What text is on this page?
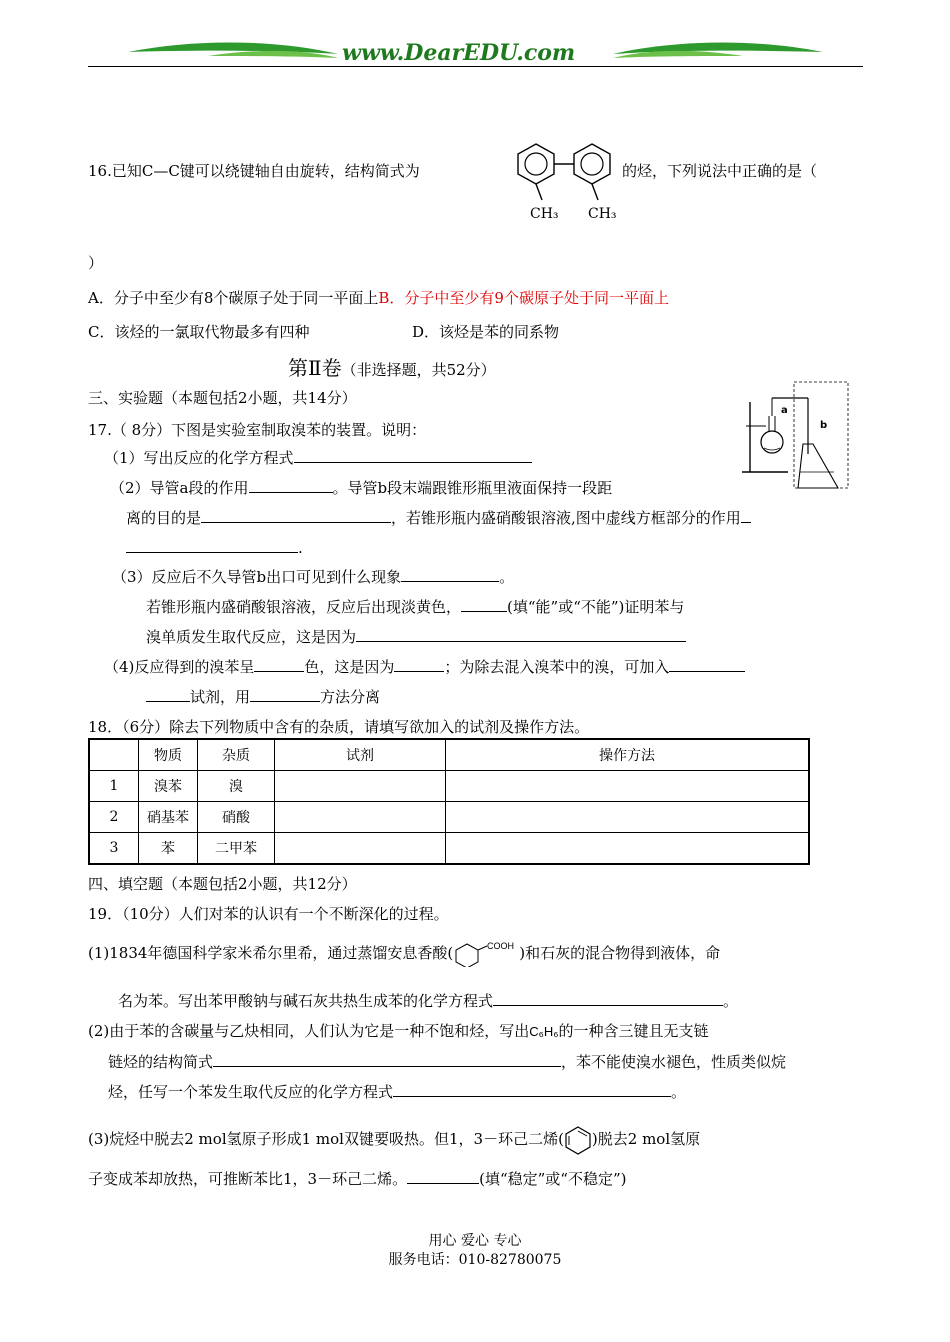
www.DearEDU.com
16.已知C—C键可以绕键轴自由旋转，结构简式为
CH₃ CH₃
的烃，下列说法中正确的是（
）
A．分子中至少有8个碳原子处于同一平面上B．分子中至少有9个碳原子处于同一平面上
C．该烃的一氯取代物最多有四种	D．该烃是苯的同系物
第Ⅱ卷（非选择题，共52分）
三、实验题（本题包括2小题，共14分）
17.（ 8分）下图是实验室制取溴苯的装置。说明：
a
b
（1）写出反应的化学方程式
（2）导管a段的作用	。导管b段末端跟锥形瓶里液面保持一段距
离的目的是	，若锥形瓶内盛硝酸银溶液,图中虚线方框部分的作用
.
（3）反应后不久导管b出口可见到什么现象	。
若锥形瓶内盛硝酸银溶液，反应后出现淡黄色，	(填“能”或“不能”)证明苯与
溴单质发生取代反应，这是因为
（4)反应得到的溴苯呈	色，这是因为	；为除去混入溴苯中的溴，可加入
试剂，用	方法分离
18．（6分）除去下列物质中含有的杂质，请填写欲加入的试剂及操作方法。
	物质	杂质	试剂	操作方法
1	溴苯	溴		
2	硝基苯	硝酸		
3	苯	二甲苯		
四、填空题（本题包括2小题，共12分）
19．（10分）人们对苯的认识有一个不断深化的过程。
(1)1834年德国科学家米希尔里希，通过蒸馏安息香酸(	COOH )和石灰的混合物得到液体，命
名为苯。写出苯甲酸钠与碱石灰共热生成苯的化学方程式	。
(2)由于苯的含碳量与乙炔相同，人们认为它是一种不饱和烃，写出C₆H₆的一种含三键且无支链
链烃的结构简式	，苯不能使溴水褪色，性质类似烷
烃，任写一个苯发生取代反应的化学方程式	。
(3)烷烃中脱去2 mol氢原子形成1 mol双键要吸热。但1，3－环己二烯( )脱去2 mol氢原
子变成苯却放热，可推断苯比1，3－环己二烯。	(填“稳定”或“不稳定”)
用心 爱心 专心
服务电话：010-82780075
